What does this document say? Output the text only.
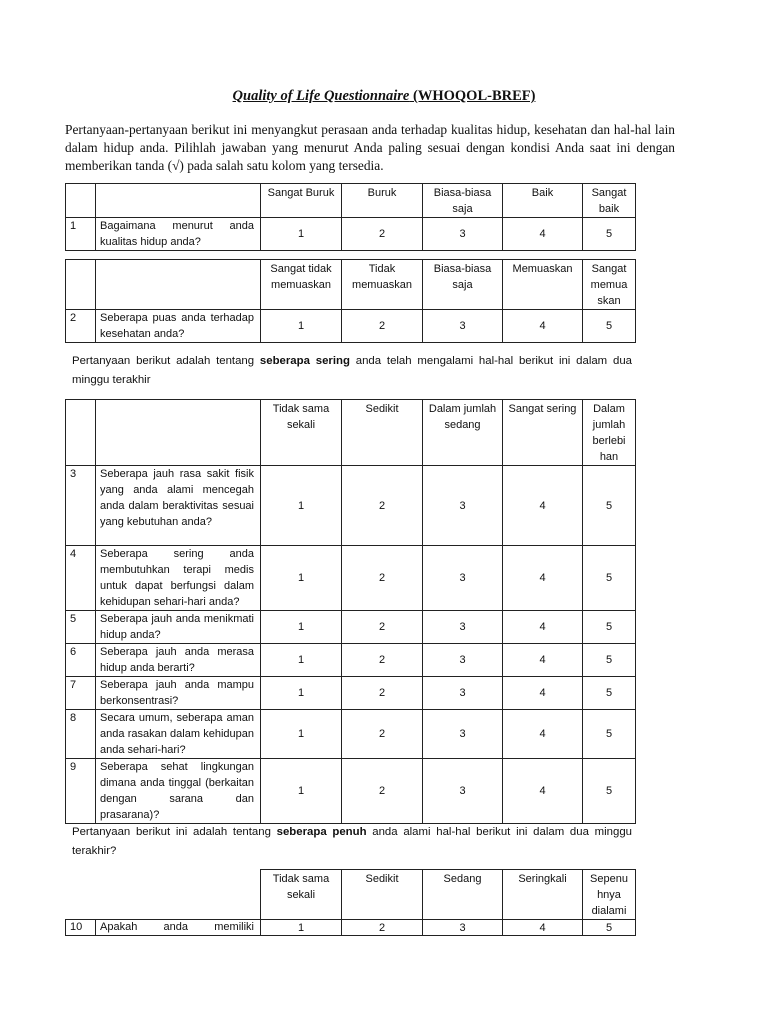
Quality of Life Questionnaire (WHOQOL-BREF)
Pertanyaan-pertanyaan berikut ini menyangkut perasaan anda terhadap kualitas hidup, kesehatan dan hal-hal lain dalam hidup anda. Pilihlah jawaban yang menurut Anda paling sesuai dengan kondisi Anda saat ini dengan memberikan tanda (√) pada salah satu kolom yang tersedia.
		Sangat Buruk	Buruk	Biasa-biasa saja	Baik	Sangat baik
1	Bagaimana menurut anda kualitas hidup anda?	1	2	3	4	5
		Sangat tidak memuaskan	Tidak memuaskan	Biasa-biasa saja	Memuaskan	Sangat memua skan
2	Seberapa puas anda terhadap kesehatan anda?	1	2	3	4	5
Pertanyaan berikut adalah tentang seberapa sering anda telah mengalami hal-hal berikut ini dalam dua minggu terakhir
		Tidak sama sekali	Sedikit	Dalam jumlah sedang	Sangat sering	Dalam jumlah berlebi han
3	Seberapa jauh rasa sakit fisik yang anda alami mencegah anda dalam beraktivitas sesuai yang kebutuhan anda?	1	2	3	4	5
4	Seberapa sering anda membutuhkan terapi medis untuk dapat berfungsi dalam kehidupan sehari-hari anda?	1	2	3	4	5
5	Seberapa jauh anda menikmati hidup anda?	1	2	3	4	5
6	Seberapa jauh anda merasa hidup anda berarti?	1	2	3	4	5
7	Seberapa jauh anda mampu berkonsentrasi?	1	2	3	4	5
8	Secara umum, seberapa aman anda rasakan dalam kehidupan anda sehari-hari?	1	2	3	4	5
9	Seberapa sehat lingkungan dimana anda tinggal (berkaitan dengan sarana dan prasarana)?	1	2	3	4	5
Pertanyaan berikut ini adalah tentang seberapa penuh anda alami hal-hal berikut ini dalam dua minggu terakhir?
		Tidak sama sekali	Sedikit	Sedang	Seringkali	Sepenu hnya dialami
10	Apakah anda memiliki	1	2	3	4	5
